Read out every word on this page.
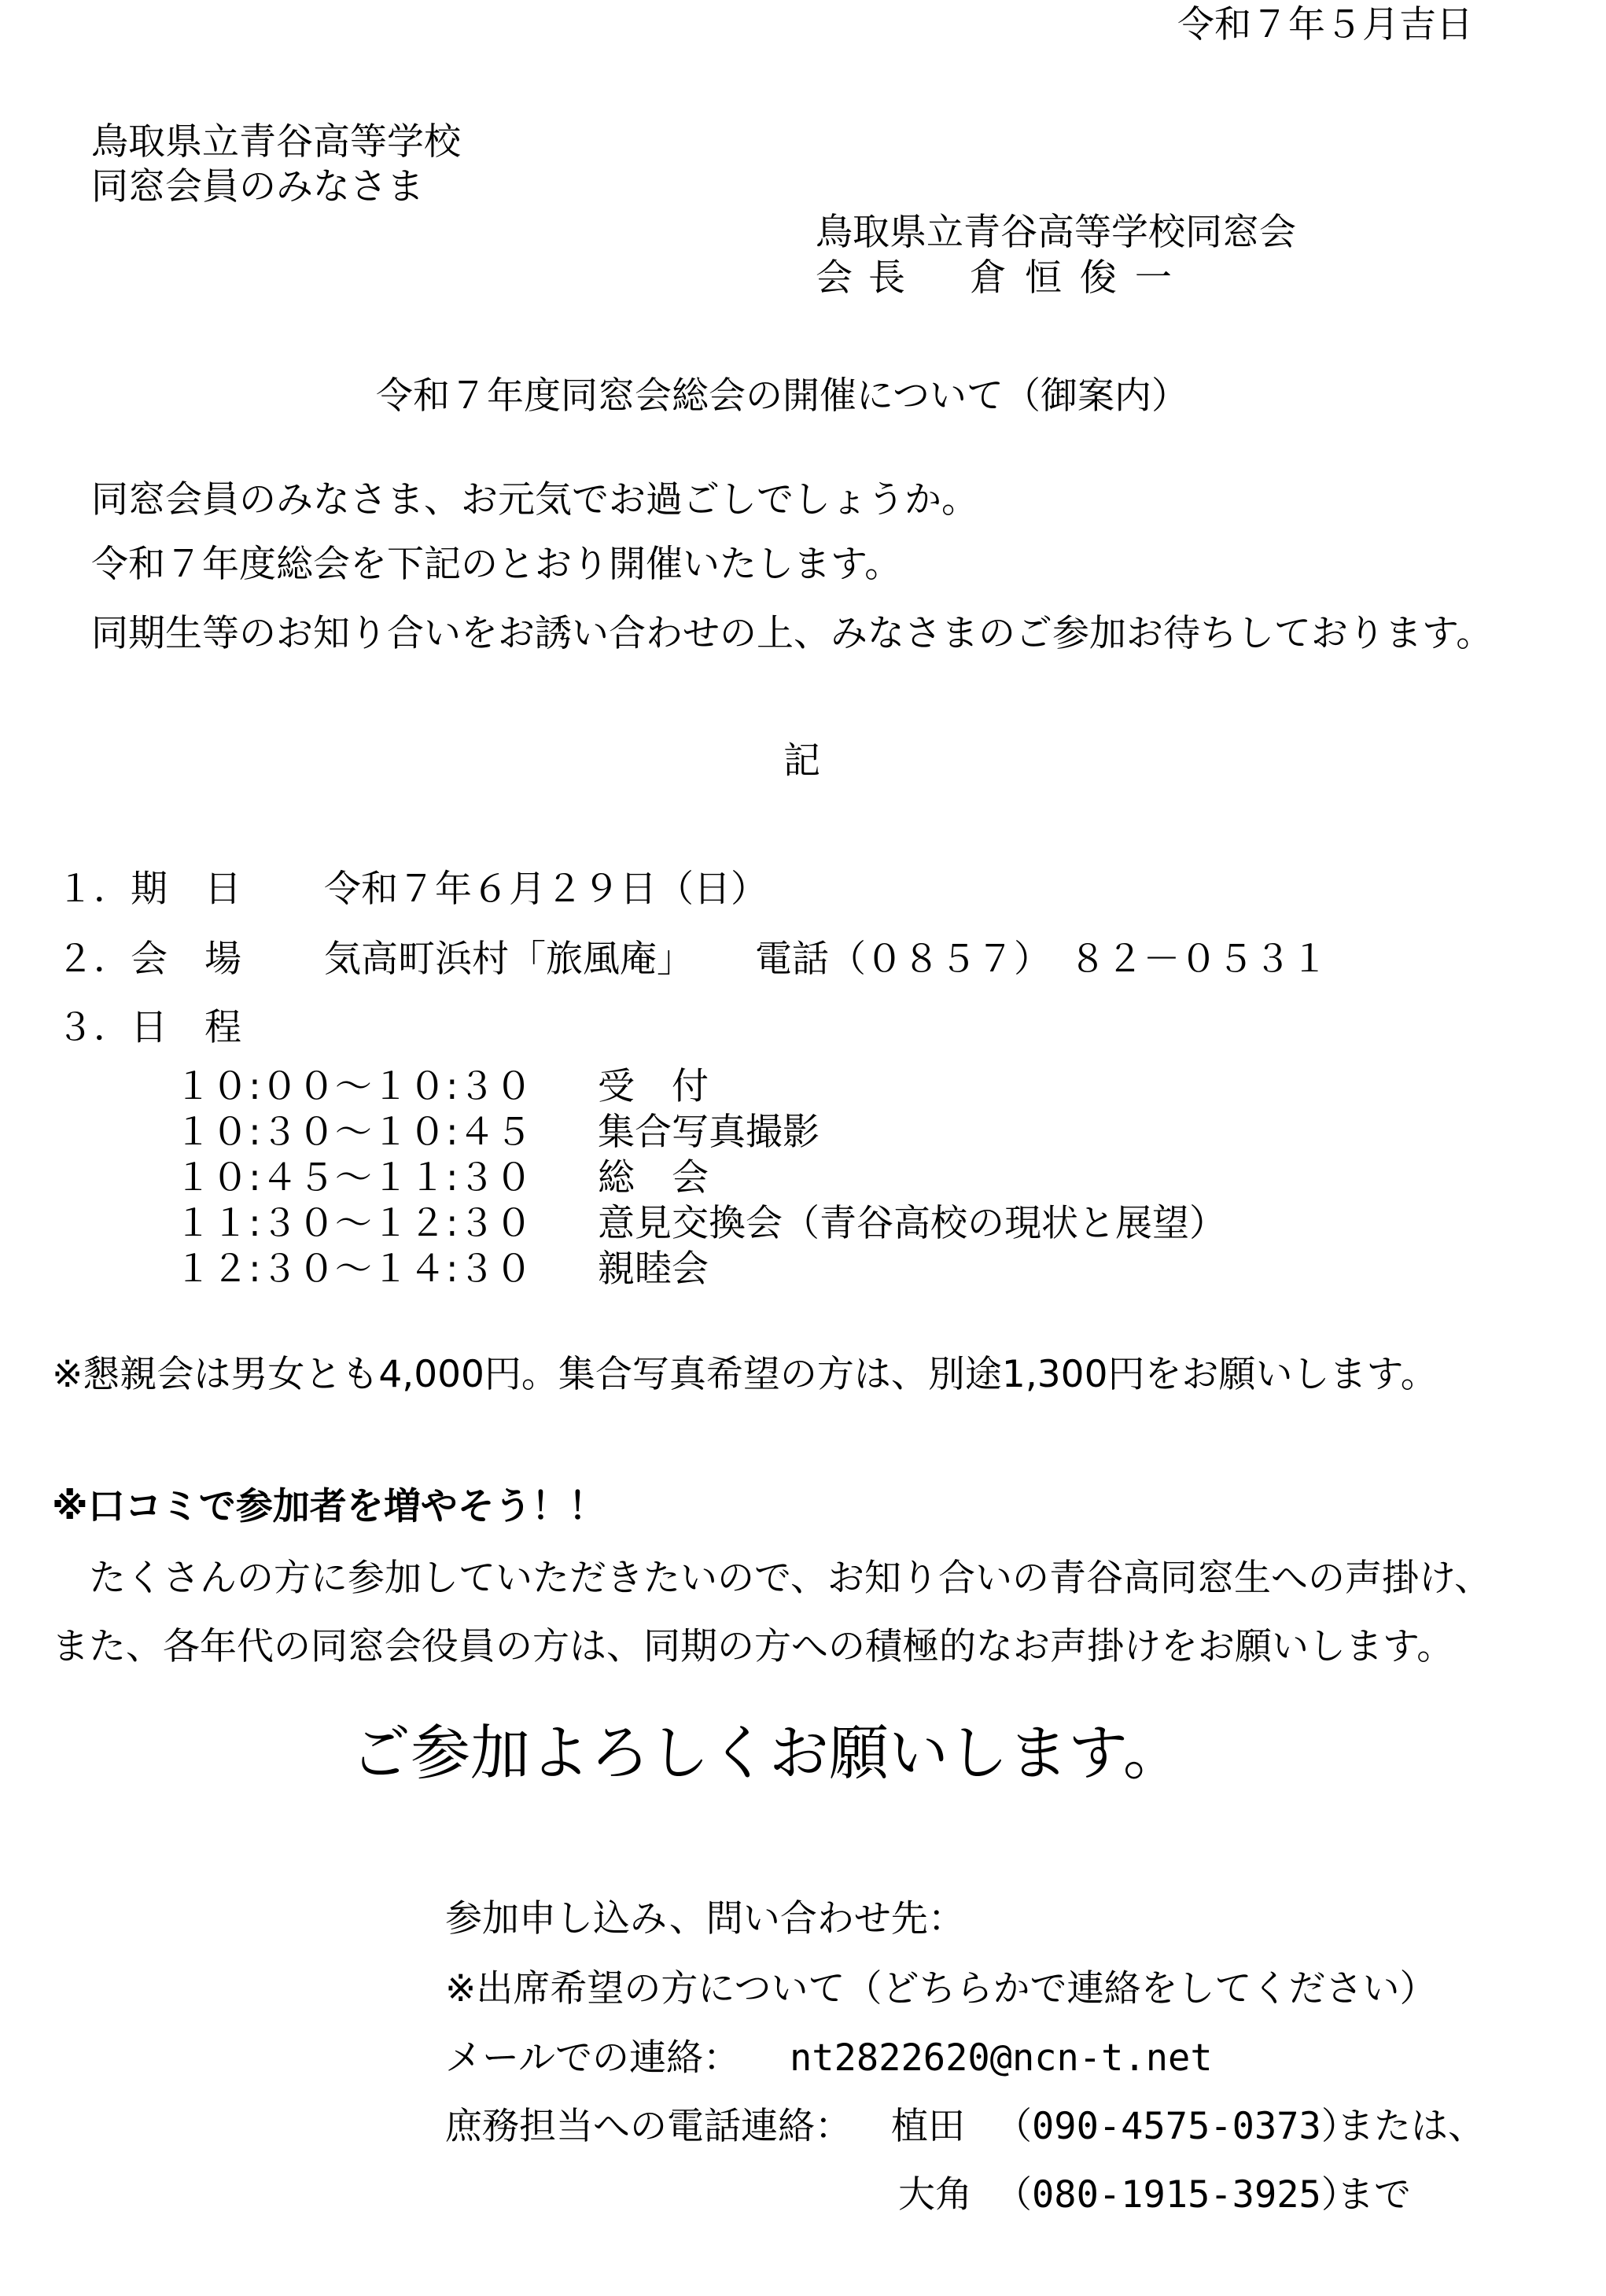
令和７年５月吉日
鳥取県立青谷高等学校
同窓会員のみなさま
鳥取県立青谷高等学校同窓会
会長 倉 恒 俊 一
令和７年度同窓会総会の開催について（御案内）
同窓会員のみなさま、お元気でお過ごしでしょうか。
令和７年度総会を下記のとおり開催いたします。
同期生等のお知り合いをお誘い合わせの上、みなさまのご参加お待ちしております。
記
１．期　日 令和７年６月２９日（日）
２．会　場 気高町浜村「旅風庵」 電話（０８５７）　８２－０５３１
３．日　程
１０:００～１０:３０ 受　付
１０:３０～１０:４５ 集合写真撮影
１０:４５～１１:３０ 総　会
１１:３０～１２:３０ 意見交換会（青谷高校の現状と展望）
１２:３０～１４:３０ 親睦会
※懇親会は男女とも4,000円。集合写真希望の方は、別途1,300円をお願いします。
※口コミで参加者を増やそう！！
　たくさんの方に参加していただきたいので、お知り合いの青谷高同窓生への声掛け、
また、各年代の同窓会役員の方は、同期の方への積極的なお声掛けをお願いします。
ご参加よろしくお願いします。
参加申し込み、問い合わせ先：
※出席希望の方について（どちらかで連絡をしてください）
メールでの連絡： nt2822620@ncn-t.net
庶務担当への電話連絡： 植田 （090-4575-0373）
または、
大角 （080-1915-3925）
まで
